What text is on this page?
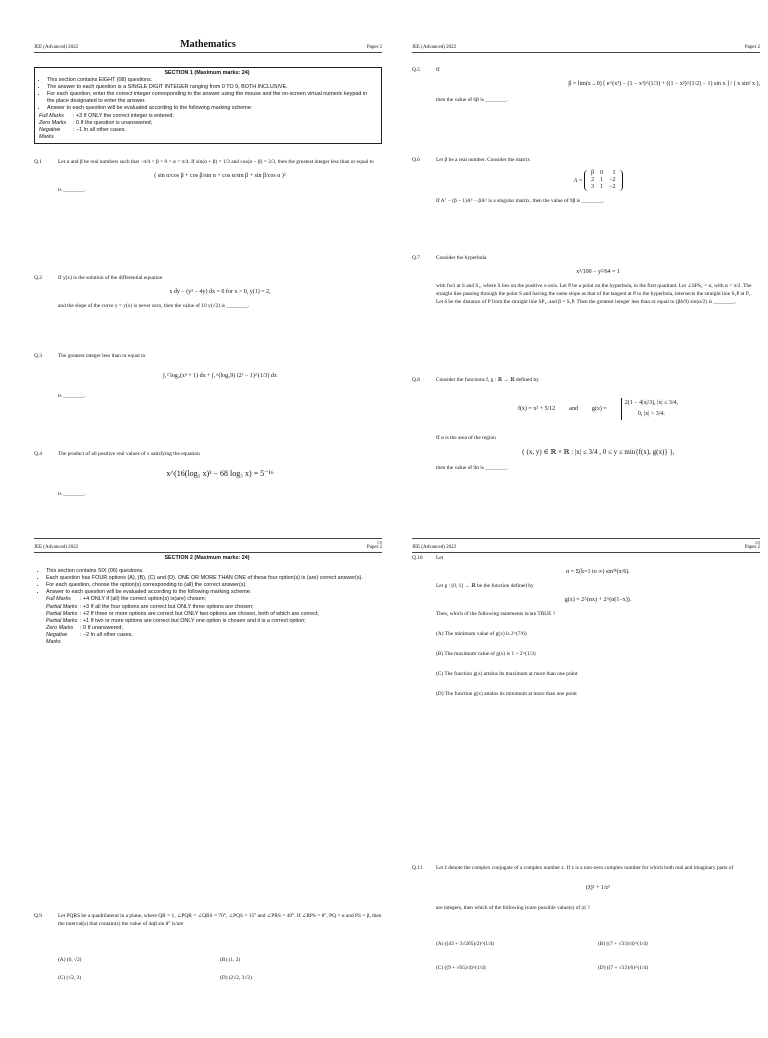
JEE (Advanced) 2022	Mathematics	Paper 2
SECTION 1 (Maximum marks: 24)
• This section contains EIGHT (08) questions.
• The answer to each question is a SINGLE DIGIT INTEGER ranging from 0 TO 9, BOTH INCLUSIVE.
• For each question, enter the correct integer corresponding to the answer using the mouse and the on-screen virtual numeric keypad in the place designated to enter the answer.
• Answer to each question will be evaluated according to the following marking scheme:
Full Marks	: +3 If ONLY the correct integer is entered;
Zero Marks	: 0 If the question is unanswered;
Negative Marks
: −1 In all other cases.
Q.1	Let α and β be real numbers such that −π/4 < β < 0 < α < π/4. If sin(α + β) = 1/3 and cos(α − β) = 2/3, then the greatest integer less than or equal to
( sin α/cos β + cos β/sin α + cos α/sin β + sin β/cos α )²
is ________.
Q.2	If y(x) is the solution of the differential equation
x dy − (y² − 4y) dx = 0 for x > 0, y(1) = 2,
and the slope of the curve y = y(x) is never zero, then the value of 10 y(√2) is ________.
Q.3	The greatest integer less than or equal to
∫₁² log₂(x³ + 1) dx + ∫₁^(log₂9) (2ˣ − 1)^(1/3) dx
is ________.
Q.4	The product of all positive real values of x satisfying the equation
x^(16(log₅ x)³ − 68 log₅ x) = 5⁻¹⁶
is ________.
1/8
JEE (Advanced) 2022	Paper 2
Q.5	If
β = lim(x→0) [ e^(x³) − (1 − x³)^(1/3) + ((1 − x²)^(1/2) − 1) sin x ] / ( x sin² x ),
then the value of 6β is ________.
Q.6	Let β be a real number. Consider the matrix
A =
β	0	1
2	1	−2
3	1	−2
If A⁷ − (β − 1)A⁶ − βA⁵ is a singular matrix, then the value of 9β is ________.
Q.7	Consider the hyperbola
x²/100 − y²/64 = 1
with foci at S and S₁, where S lies on the positive x-axis. Let P be a point on the hyperbola, in the first quadrant. Let ∠SPS₁ = α, with α < π/2. The straight line passing through the point S and having the same slope as that of the tangent at P to the hyperbola, intersects the straight line S₁P at P₁. Let δ be the distance of P from the straight line SP₁, and β = S₁P. Then the greatest integer less than or equal to (βδ/9) sin(α/2) is ________.
Q.8	Consider the functions f, g : ℝ → ℝ defined by
f(x) = x² + 5/12 and g(x) =
2(1 − 4|x|/3), |x| ≤ 3/4,
0, |x| > 3/4.
If α is the area of the region
{ (x, y) ∈ ℝ × ℝ : |x| ≤ 3/4 , 0 ≤ y ≤ min{f(x), g(x)} },
then the value of 9α is ________.
2/8
JEE (Advanced) 2022	Paper 2
SECTION 2 (Maximum marks: 24)
• This section contains SIX (06) questions.
• Each question has FOUR options (A), (B), (C) and (D). ONE OR MORE THAN ONE of these four option(s) is (are) correct answer(s).
• For each question, choose the option(s) corresponding to (all) the correct answer(s).
• Answer to each question will be evaluated according to the following marking scheme:
Full Marks	: +4 ONLY if (all) the correct option(s) is(are) chosen;
Partial Marks : +3 If all the four options are correct but ONLY three options are chosen;
Partial Marks : +2 If three or more options are correct but ONLY two options are chosen, both of which are correct;
Partial Marks : +1 If two or more options are correct but ONLY one option is chosen and it is a correct option;
Zero Marks	: 0 If unanswered;
Negative Marks
: −2 In all other cases.
Q.9	Let PQRS be a quadrilateral in a plane, where QR = 1, ∠PQR = ∠QRS = 70°, ∠PQS = 15° and ∠PRS = 40°. If ∠RPS = θ°, PQ = α and PS = β, then the interval(s) that contain(s) the value of 4αβ sin θ° is/are
(A) (0, √2)	(B) (1, 2)
(C) (√2, 3)	(D) (2√2, 3√2)
JEE (Advanced) 2022	Paper 2
Q.10 Let
α = Σ(k=1 to ∞) sin²ᵏ(π/6).
Let g : [0, 1] → ℝ be the function defined by
g(x) = 2^(αx) + 2^(α(1−x)).
Then, which of the following statements is/are TRUE ?
(A) The minimum value of g(x) is 2^(7/6)
(B) The maximum value of g(x) is 1 + 2^(1/3)
(C) The function g(x) attains its maximum at more than one point
(D) The function g(x) attains its minimum at more than one point
Q.11	Let z̄ denote the complex conjugate of a complex number z. If z is a non-zero complex number for which both real and imaginary parts of
(z̄)² + 1/z²
are integers, then which of the following is/are possible value(s) of |z| ?
(A) ((43 + 3√205)/2)^(1/4)	(B) ((7 + √33)/4)^(1/4)
(C) ((9 + √65)/4)^(1/4)	(D) ((7 + √13)/6)^(1/4)
